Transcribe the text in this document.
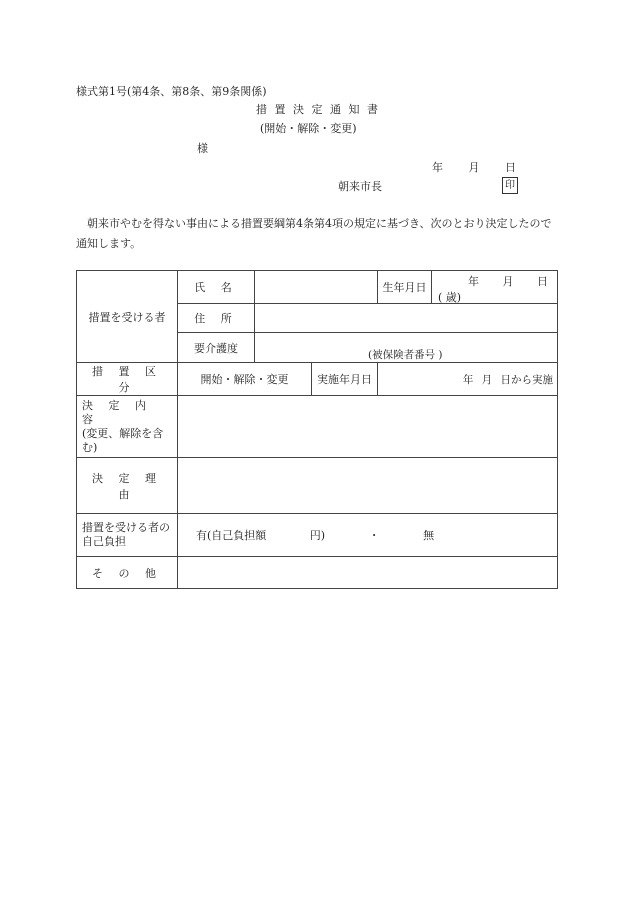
様式第1号(第4条、第8条、第9条関係)
措 置 決 定 通 知 書
(開始・解除・変更)
様
年 月 日
朝来市長	印
朝来市やむを得ない事由による措置要綱第4条第4項の規定に基づき、次のとおり決定したので通知します。
措置を受ける者	氏 名			生年月日	年 月 日
( 歳)

	住 所				
	要介護度	(被保険者番号 )			
措 置 区 分	開始・解除・変更		実施年月日	年 月 日から実施	

決 定 内 容
(変更、解除を含む)					

決 定 理 由					
措置を受ける者の自己負担	有(自己負担額 円) ・ 無				
そ の 他					
